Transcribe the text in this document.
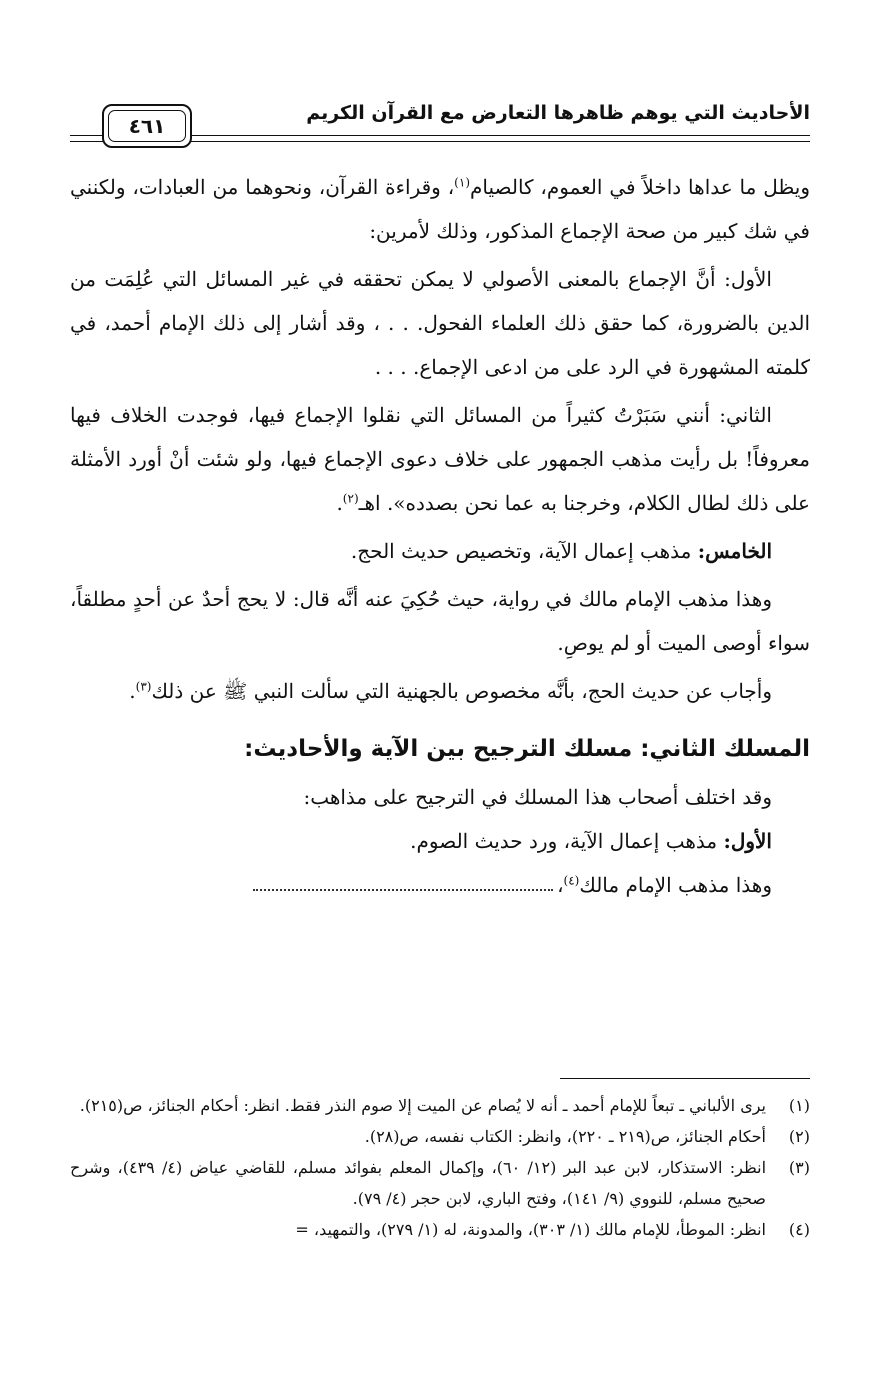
الأحاديث التي يوهم ظاهرها التعارض مع القرآن الكريم
٤٦١

ويظل ما عداها داخلاً في العموم، كالصيام$^{(١)}$، وقراءة القرآن، ونحوهما من العبادات، ولكنني في شك كبير من صحة الإجماع المذكور، وذلك لأمرين:

الأول: أنَّ الإجماع بالمعنى الأصولي لا يمكن تحققه في غير المسائل التي عُلِمَت من الدين بالضرورة، كما حقق ذلك العلماء الفحول. . . ، وقد أشار إلى ذلك الإمام أحمد، في كلمته المشهورة في الرد على من ادعى الإجماع. . . .

الثاني: أنني سَبَرْتُ كثيراً من المسائل التي نقلوا الإجماع فيها، فوجدت الخلاف فيها معروفاً! بل رأيت مذهب الجمهور على خلاف دعوى الإجماع فيها، ولو شئت أنْ أورد الأمثلة على ذلك لطال الكلام، وخرجنا به عما نحن بصدده». اهـ$^{(٢)}$.

الخامس: مذهب إعمال الآية، وتخصيص حديث الحج.

وهذا مذهب الإمام مالك في رواية، حيث حُكِيَ عنه أنَّه قال: لا يحج أحدٌ عن أحدٍ مطلقاً، سواء أوصى الميت أو لم يوصِ.

وأجاب عن حديث الحج، بأنَّه مخصوص بالجهنية التي سألت النبي ﷺ عن ذلك$^{(٣)}$.

المسلك الثاني: مسلك الترجيح بين الآية والأحاديث:

وقد اختلف أصحاب هذا المسلك في الترجيح على مذاهب:

الأول: مذهب إعمال الآية، ورد حديث الصوم.

وهذا مذهب الإمام مالك$^{(٤)}$،

(١)
يرى الألباني ـ تبعاً للإمام أحمد ـ أنه لا يُصام عن الميت إلا صوم النذر فقط. انظر: أحكام الجنائز، ص(٢١٥).
(٢)
أحكام الجنائز، ص(٢١٩ ـ ٢٢٠)، وانظر: الكتاب نفسه، ص(٢٨).
(٣)
انظر: الاستذكار، لابن عبد البر (١٢/ ٦٠)، وإكمال المعلم بفوائد مسلم، للقاضي عياض (٤/ ٤٣٩)، وشرح صحيح مسلم، للنووي (٩/ ١٤١)، وفتح الباري، لابن حجر (٤/ ٧٩).
(٤)
انظر: الموطأ، للإمام مالك (١/ ٣٠٣)، والمدونة، له (١/ ٢٧٩)، والتمهيد، =
